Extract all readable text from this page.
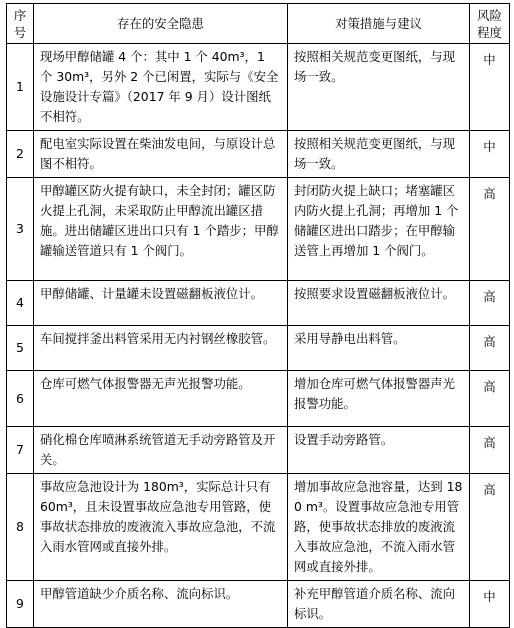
序号	存在的安全隐患	对策措施与建议	风险程度
1	现场甲醇储罐 4 个：其中 1 个 40m³，1 个 30m³，另外 2 个已闲置，实际与《安全设施设计专篇》（2017 年 9 月）设计图纸不相符。	按照相关规范变更图纸，与现场一致。	中
2	配电室实际设置在柴油发电间，与原设计总图不相符。	按照相关规范变更图纸，与现场一致。	中
3	甲醇罐区防火提有缺口，未全封闭；罐区防火提上孔洞，未采取防止甲醇流出罐区措施。进出储罐区进出口只有 1 个踏步；甲醇罐输送管道只有 1 个阀门。	封闭防火提上缺口；堵塞罐区内防火提上孔洞；再增加 1 个储罐区进出口踏步；在甲醇输送管上再增加 1 个阀门。	高
4	甲醇储罐、计量罐未设置磁翻板液位计。	按照要求设置磁翻板液位计。	高
5	车间搅拌釜出料管采用无内衬钢丝橡胶管。	采用导静电出料管。	高
6	仓库可燃气体报警器无声光报警功能。	增加仓库可燃气体报警器声光报警功能。	高
7	硝化棉仓库喷淋系统管道无手动旁路管及开关。	设置手动旁路管。	高
8	事故应急池设计为 180m³，实际总计只有 60m³，且未设置事故应急池专用管路，使事故状态排放的废液流入事故应急池，不流入雨水管网或直接外排。	增加事故应急池容量，达到 180 m³。设置事故应急池专用管路，使事故状态排放的废液流入事故应急池，不流入雨水管网或直接外排。	高
9	甲醇管道缺少介质名称、流向标识。	补充甲醇管道介质名称、流向标识。	中
